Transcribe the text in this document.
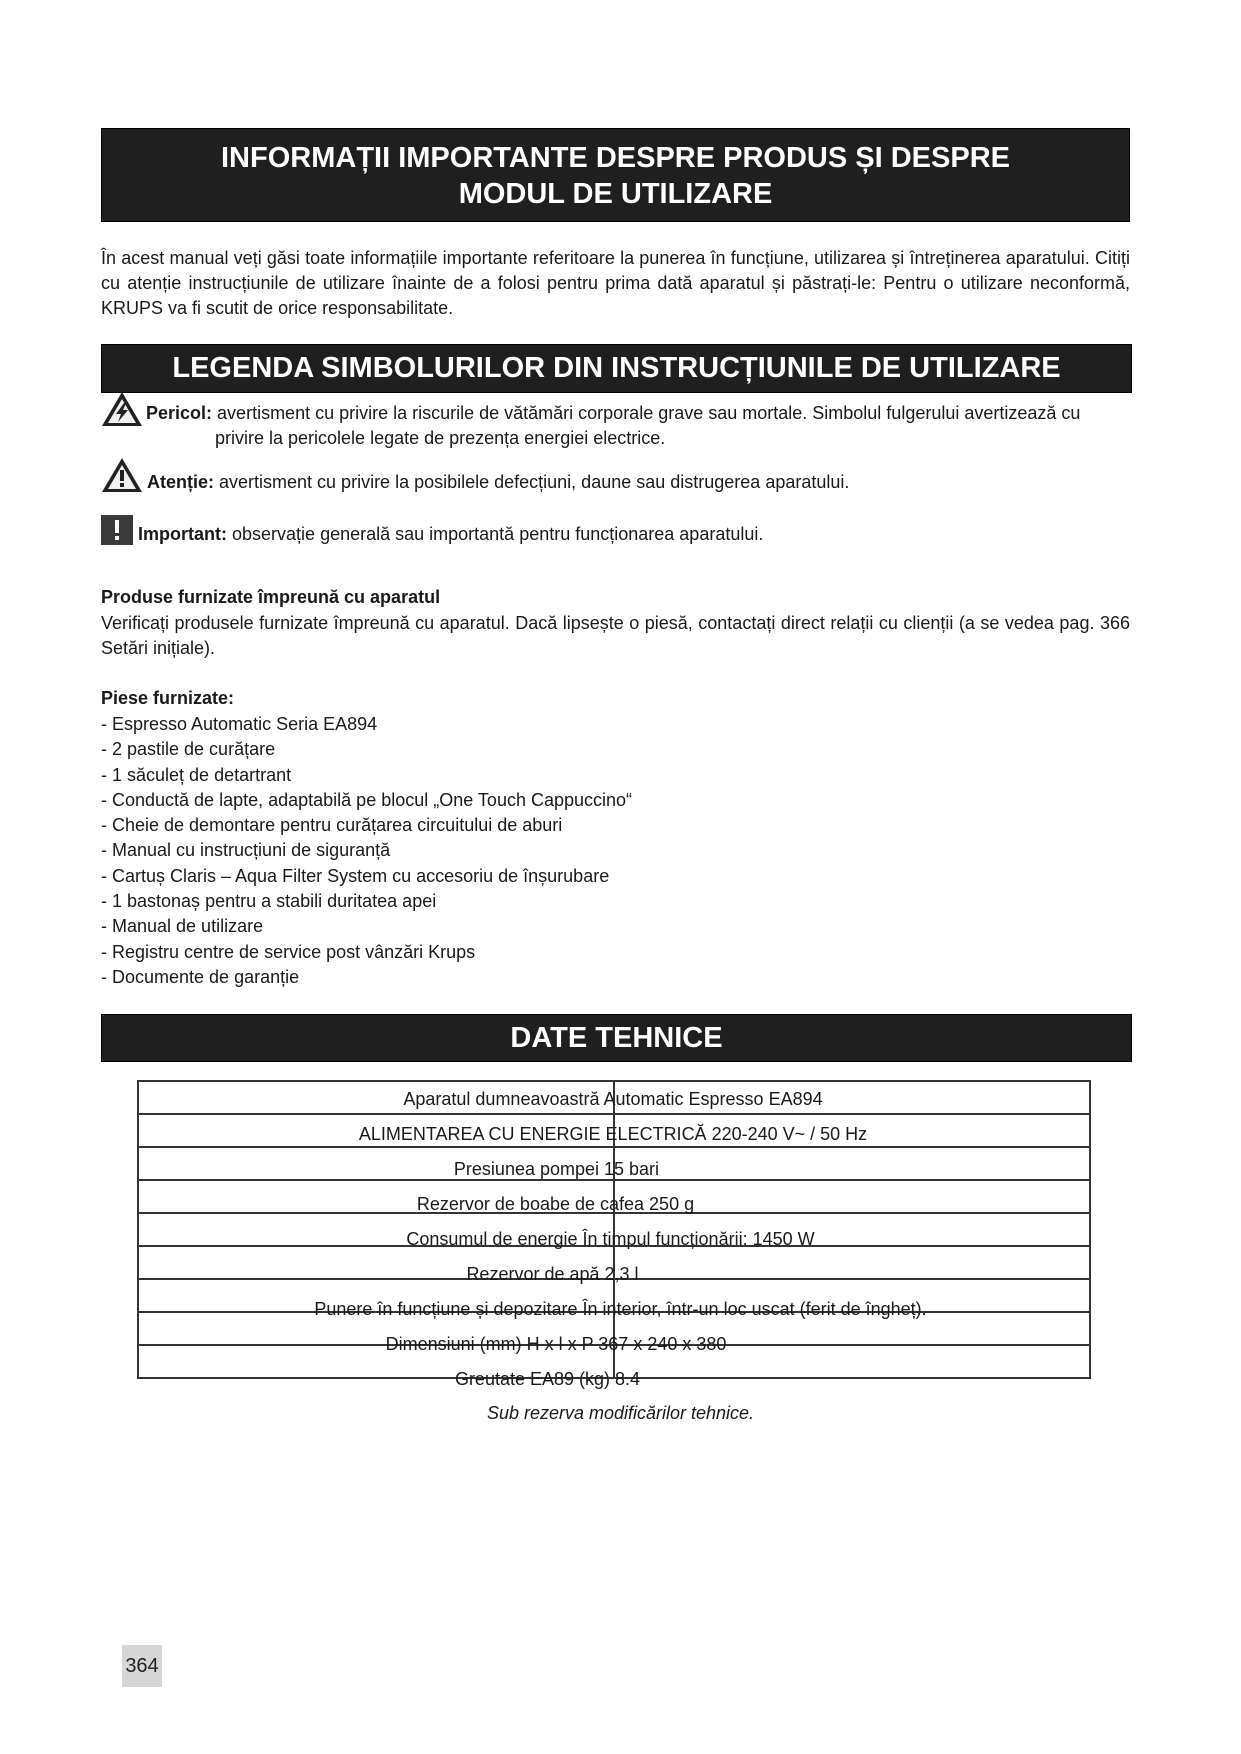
INFORMAȚII IMPORTANTE DESPRE PRODUS ȘI DESPRE
MODUL DE UTILIZARE
În acest manual veți găsi toate informațiile importante referitoare la punerea în funcțiune, utilizarea și întreținerea aparatului. Citiți cu atenție instrucțiunile de utilizare înainte de a folosi pentru prima dată aparatul și păstrați-le: Pentru o utilizare neconformă, KRUPS va fi scutit de orice responsabilitate.
LEGENDA SIMBOLURILOR DIN INSTRUCȚIUNILE DE UTILIZARE
Pericol: avertisment cu privire la riscurile de vătămări corporale grave sau mortale. Simbolul fulgerului avertizează cu
privire la pericolele legate de prezența energiei electrice.
Atenție: avertisment cu privire la posibilele defecțiuni, daune sau distrugerea aparatului.
Important: observație generală sau importantă pentru funcționarea aparatului.
Produse furnizate împreună cu aparatul
Verificați produsele furnizate împreună cu aparatul. Dacă lipsește o piesă, contactați direct relații cu clienții (a se vedea pag. 366 Setări inițiale).
Piese furnizate:
- Espresso Automatic Seria EA894
- 2 pastile de curățare
- 1 săculeț de detartrant
- Conductă de lapte, adaptabilă pe blocul „One Touch Cappuccino“
- Cheie de demontare pentru curățarea circuitului de aburi
- Manual cu instrucțiuni de siguranță
- Cartuș Claris – Aqua Filter System cu accesoriu de înșurubare
- 1 bastonaș pentru a stabili duritatea apei
- Manual de utilizare
- Registru centre de service post vânzări Krups
- Documente de garanție
DATE TEHNICE

Aparatul dumneavoastră Automatic Espresso EA894
ALIMENTAREA CU ENERGIE ELECTRICĂ 220-240 V~ / 50 Hz
Presiunea pompei 15 bari
Rezervor de boabe de cafea 250 g
Consumul de energie În timpul funcționării: 1450 W
Rezervor de apă 2,3 l
Punere în funcțiune și depozitare În interior, într-un loc uscat (ferit de îngheț).
Dimensiuni (mm) H x l x P 367 x 240 x 380
Greutate EA89 (kg) 8.4
Sub rezerva modificărilor tehnice.
364
